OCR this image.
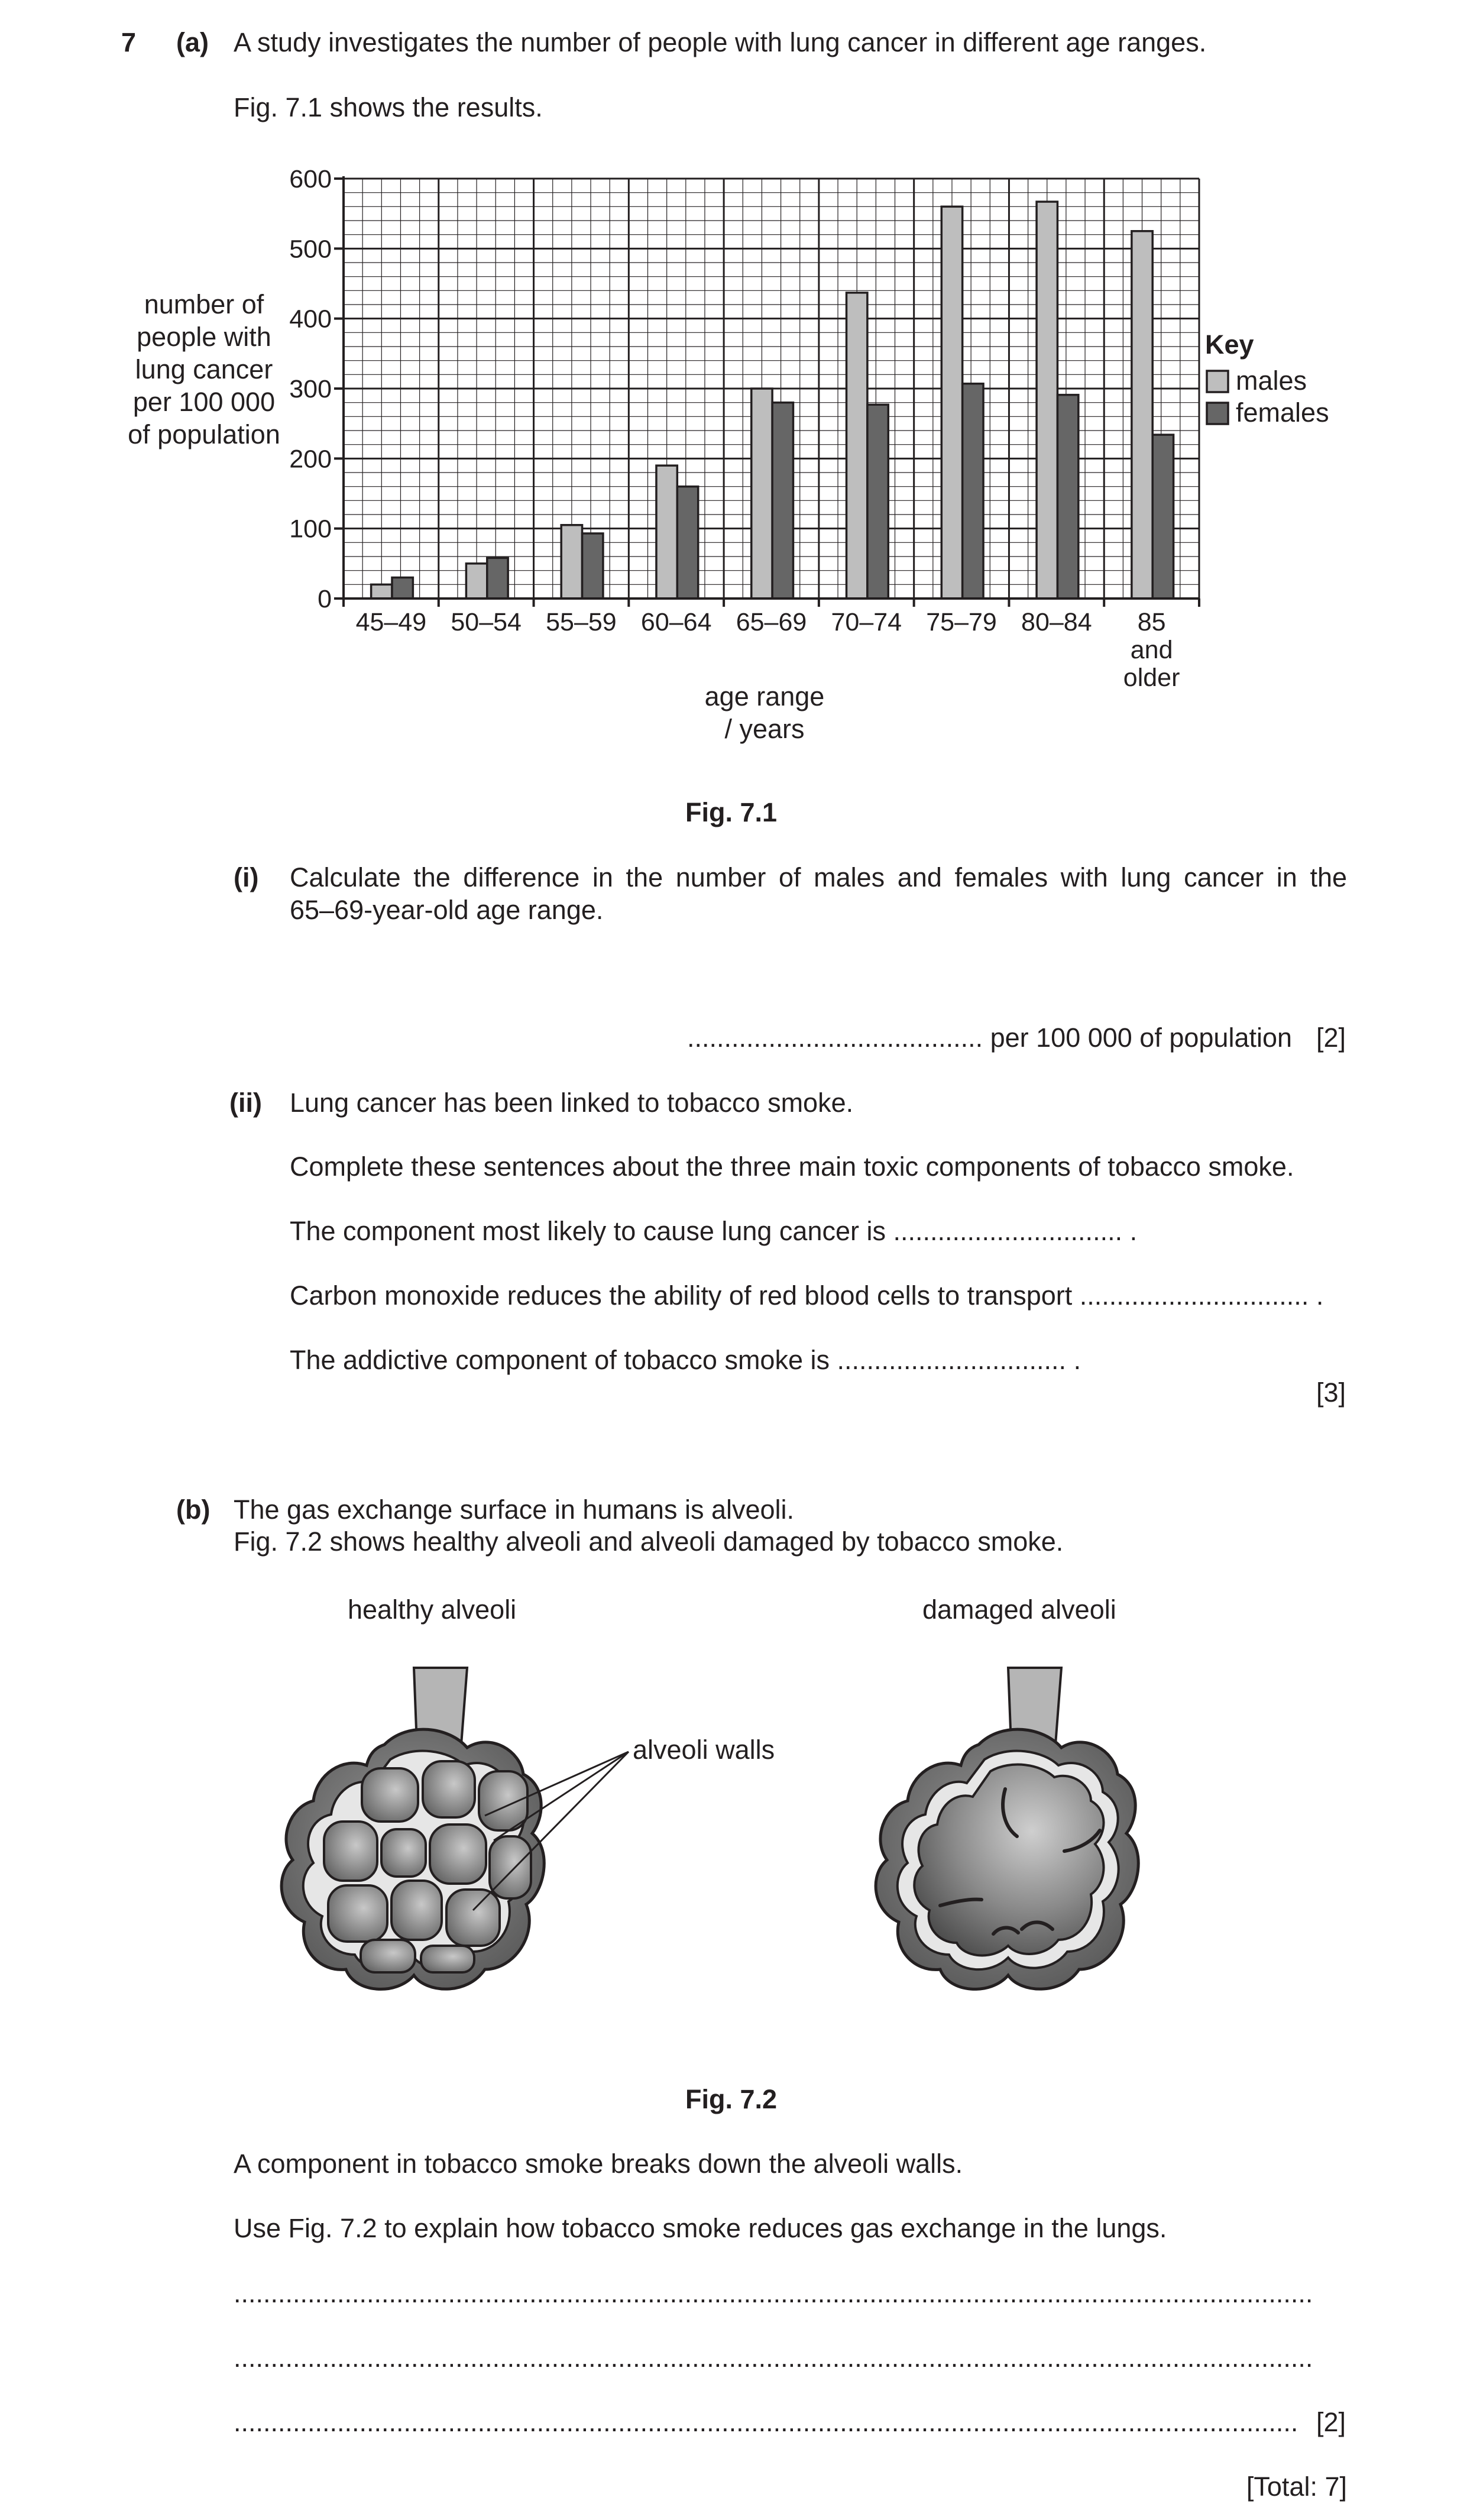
7 (a) A study investigates the number of people with lung cancer in different age ranges.
Fig. 7.1 shows the results.
0
100
200
300
400
500
600
45–49 50–54 55–59 60–64 65–69 70–74 75–79 80–84 85
and
older
number of
people with
lung cancer
per 100 000
of population
age range
/ years
Key
males
females
Fig. 7.1
(i) Calculate the difference in the number of males and females with lung cancer in the
65–69-year-old age range.
........................................ per 100 000 of population [2]
(ii) Lung cancer has been linked to tobacco smoke.
Complete these sentences about the three main toxic components of tobacco smoke.
The component most likely to cause lung cancer is ............................... .
Carbon monoxide reduces the ability of red blood cells to transport ............................... .
The addictive component of tobacco smoke is ............................... .
[3]
(b) The gas exchange surface in humans is alveoli.
Fig. 7.2 shows healthy alveoli and alveoli damaged by tobacco smoke.
healthy alveoli	damaged alveoli
alveoli walls
Fig. 7.2
A component in tobacco smoke breaks down the alveoli walls.
Use Fig. 7.2 to explain how tobacco smoke reduces gas exchange in the lungs.
..................................................................................................................................................
..................................................................................................................................................
................................................................................................................................................ [2]
[Total: 7]
